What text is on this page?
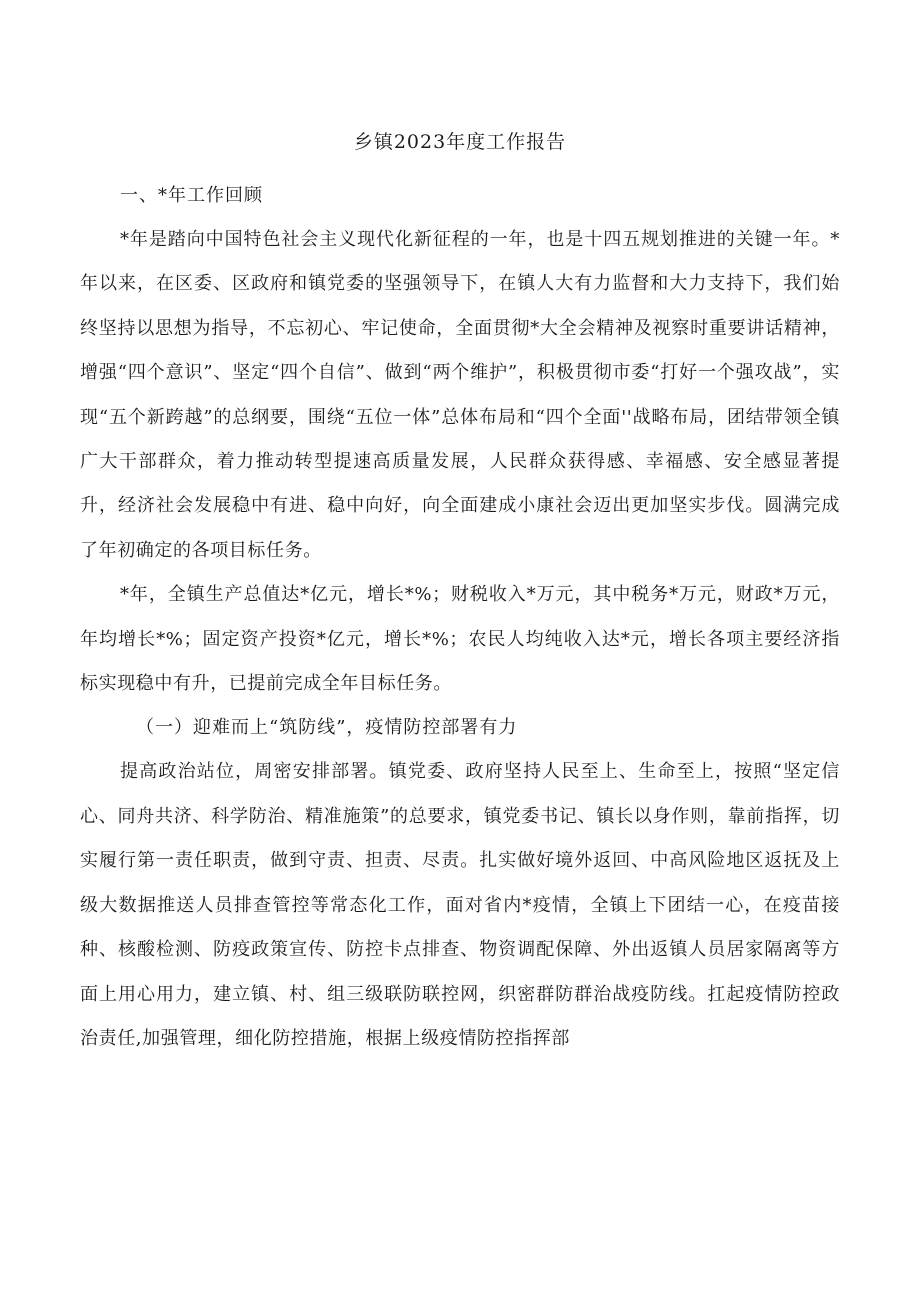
乡镇2023年度工作报告

一、*年工作回顾

*年是踏向中国特色社会主义现代化新征程的一年，也是十四五规划推进的关键一年。*年以来，在区委、区政府和镇党委的坚强领导下，在镇人大有力监督和大力支持下，我们始终坚持以思想为指导，不忘初心、牢记使命，全面贯彻*大全会精神及视察时重要讲话精神，增强“四个意识”、坚定“四个自信”、做到“两个维护”，积极贯彻市委“打好一个强攻战”，实现“五个新跨越”的总纲要，围绕“五位一体”总体布局和“四个全面''战略布局，团结带领全镇广大干部群众，着力推动转型提速高质量发展，人民群众获得感、幸福感、安全感显著提升，经济社会发展稳中有进、稳中向好，向全面建成小康社会迈出更加坚实步伐。圆满完成了年初确定的各项目标任务。

*年，全镇生产总值达*亿元，增长*%；财税收入*万元，其中税务*万元，财政*万元，年均增长*%；固定资产投资*亿元，增长*%；农民人均纯收入达*元，增长各项主要经济指标实现稳中有升，已提前完成全年目标任务。

（一）迎难而上“筑防线”，疫情防控部署有力

提高政治站位，周密安排部署。镇党委、政府坚持人民至上、生命至上，按照“坚定信心、同舟共济、科学防治、精准施策”的总要求，镇党委书记、镇长以身作则，靠前指挥，切实履行第一责任职责，做到守责、担责、尽责。扎实做好境外返回、中高风险地区返抚及上级大数据推送人员排查管控等常态化工作，面对省内*疫情，全镇上下团结一心，在疫苗接种、核酸检测、防疫政策宣传、防控卡点排查、物资调配保障、外出返镇人员居家隔离等方面上用心用力，建立镇、村、组三级联防联控网，织密群防群治战疫防线。扛起疫情防控政治责任,加强管理，细化防控措施，根据上级疫情防控指挥部
